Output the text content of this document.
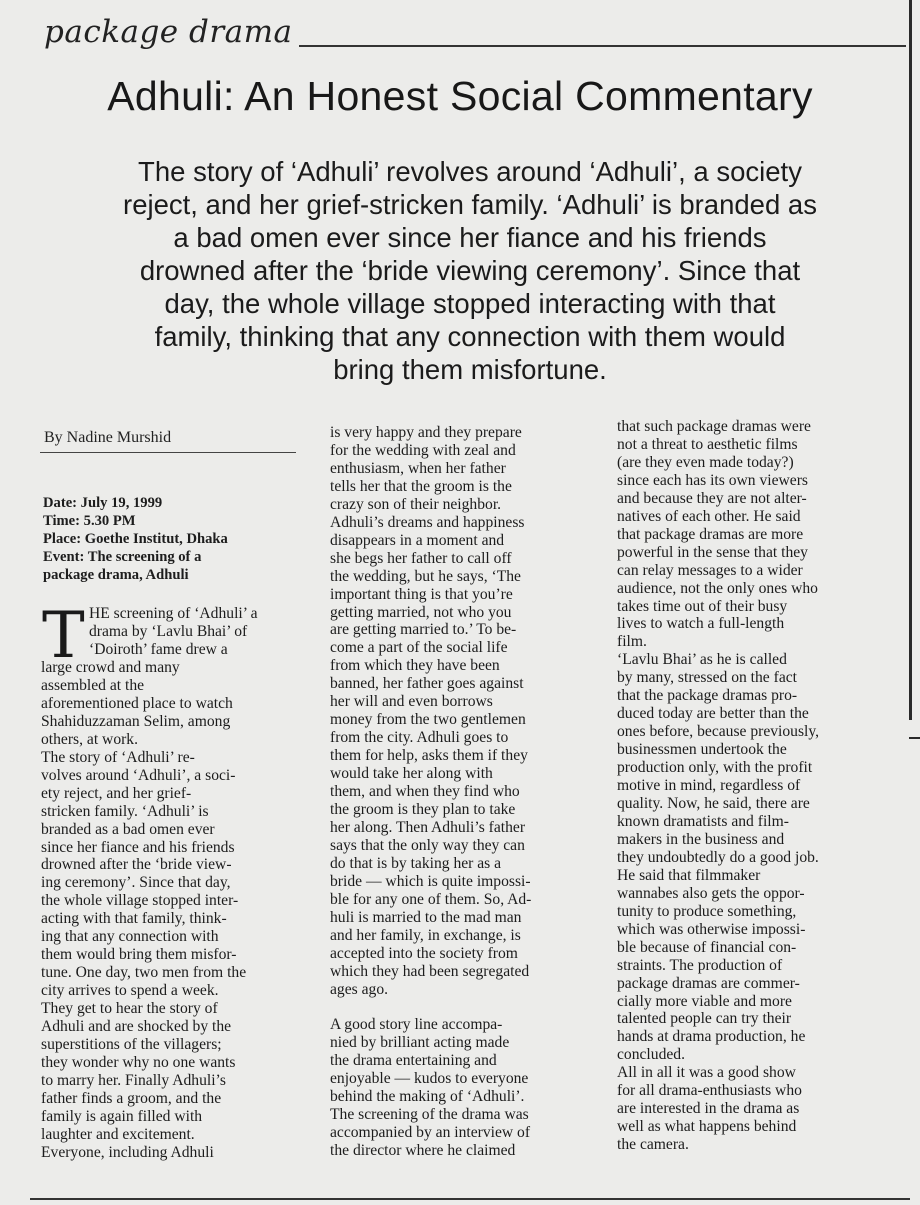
package drama
Adhuli: An Honest Social Commentary
The story of ‘Adhuli’ revolves around ‘Adhuli’, a society
reject, and her grief-stricken family. ‘Adhuli’ is branded as
a bad omen ever since her fiance and his friends
drowned after the ‘bride viewing ceremony’. Since that
day, the whole village stopped interacting with that
family, thinking that any connection with them would
bring them misfortune.
By Nadine Murshid
Date: July 19, 1999
Time: 5.30 PM
Place: Goethe Institut, Dhaka
Event: The screening of a
package drama, Adhuli
T HE screening of ‘Adhuli’ a
drama by ‘Lavlu Bhai’ of
‘Doiroth’ fame drew a
large crowd and many
assembled at the
aforementioned place to watch
Shahiduzzaman Selim, among
others, at work.
The story of ‘Adhuli’ re-
volves around ‘Adhuli’, a soci-
ety reject, and her grief-
stricken family. ‘Adhuli’ is
branded as a bad omen ever
since her fiance and his friends
drowned after the ‘bride view-
ing ceremony’. Since that day,
the whole village stopped inter-
acting with that family, think-
ing that any connection with
them would bring them misfor-
tune. One day, two men from the
city arrives to spend a week.
They get to hear the story of
Adhuli and are shocked by the
superstitions of the villagers;
they wonder why no one wants
to marry her. Finally Adhuli’s
father finds a groom, and the
family is again filled with
laughter and excitement.
Everyone, including Adhuli
is very happy and they prepare
for the wedding with zeal and
enthusiasm, when her father
tells her that the groom is the
crazy son of their neighbor.
Adhuli’s dreams and happiness
disappears in a moment and
she begs her father to call off
the wedding, but he says, ‘The
important thing is that you’re
getting married, not who you
are getting married to.’ To be-
come a part of the social life
from which they have been
banned, her father goes against
her will and even borrows
money from the two gentlemen
from the city. Adhuli goes to
them for help, asks them if they
would take her along with
them, and when they find who
the groom is they plan to take
her along. Then Adhuli’s father
says that the only way they can
do that is by taking her as a
bride — which is quite impossi-
ble for any one of them. So, Ad-
huli is married to the mad man
and her family, in exchange, is
accepted into the society from
which they had been segregated
ages ago.
A good story line accompa-
nied by brilliant acting made
the drama entertaining and
enjoyable — kudos to everyone
behind the making of ‘Adhuli’.
The screening of the drama was
accompanied by an interview of
the director where he claimed
that such package dramas were
not a threat to aesthetic films
(are they even made today?)
since each has its own viewers
and because they are not alter-
natives of each other. He said
that package dramas are more
powerful in the sense that they
can relay messages to a wider
audience, not the only ones who
takes time out of their busy
lives to watch a full-length
film.
‘Lavlu Bhai’ as he is called
by many, stressed on the fact
that the package dramas pro-
duced today are better than the
ones before, because previously,
businessmen undertook the
production only, with the profit
motive in mind, regardless of
quality. Now, he said, there are
known dramatists and film-
makers in the business and
they undoubtedly do a good job.
He said that filmmaker
wannabes also gets the oppor-
tunity to produce something,
which was otherwise impossi-
ble because of financial con-
straints. The production of
package dramas are commer-
cially more viable and more
talented people can try their
hands at drama production, he
concluded.
All in all it was a good show
for all drama-enthusiasts who
are interested in the drama as
well as what happens behind
the camera.
